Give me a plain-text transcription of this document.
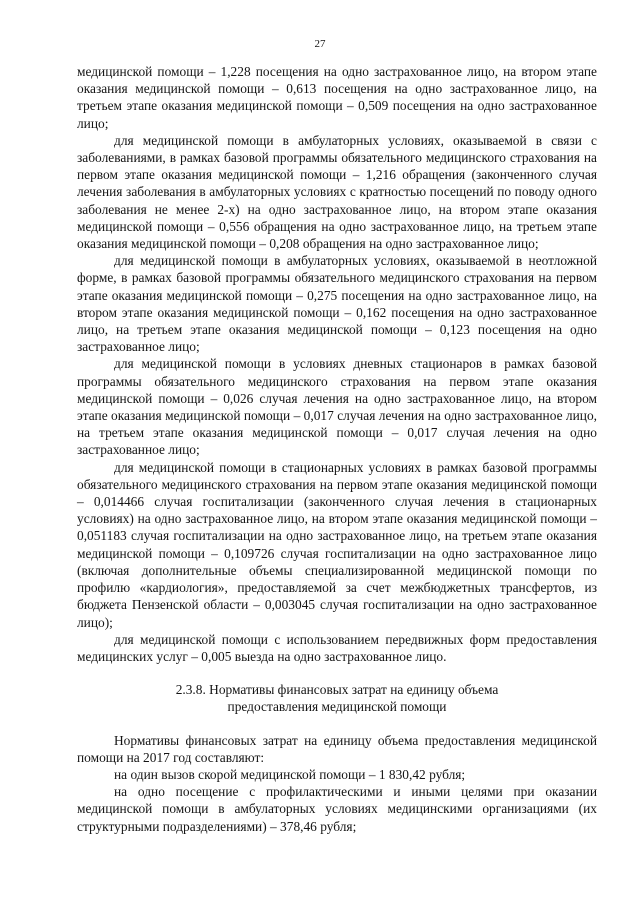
27

медицинской помощи – 1,228 посещения на одно застрахованное лицо, на втором этапе оказания медицинской помощи – 0,613 посещения на одно застрахованное лицо, на третьем этапе оказания медицинской помощи – 0,509 посещения на одно застрахованное лицо;

для медицинской помощи в амбулаторных условиях, оказываемой в связи с заболеваниями, в рамках базовой программы обязательного медицинского страхования на первом этапе оказания медицинской помощи – 1,216 обращения (законченного случая лечения заболевания в амбулаторных условиях с кратностью посещений по поводу одного заболевания не менее 2-х) на одно застрахованное лицо, на втором этапе оказания медицинской помощи – 0,556 обращения на одно застрахованное лицо, на третьем этапе оказания медицинской помощи – 0,208 обращения на одно застрахованное лицо;

для медицинской помощи в амбулаторных условиях, оказываемой в неотложной форме, в рамках базовой программы обязательного медицинского страхования на первом этапе оказания медицинской помощи – 0,275 посещения на одно застрахованное лицо, на втором этапе оказания медицинской помощи – 0,162 посещения на одно застрахованное лицо, на третьем этапе оказания медицинской помощи – 0,123 посещения на одно застрахованное лицо;

для медицинской помощи в условиях дневных стационаров в рамках базовой программы обязательного медицинского страхования на первом этапе оказания медицинской помощи – 0,026 случая лечения на одно застрахованное лицо, на втором этапе оказания медицинской помощи – 0,017 случая лечения на одно застрахованное лицо, на третьем этапе оказания медицинской помощи – 0,017 случая лечения на одно застрахованное лицо;

для медицинской помощи в стационарных условиях в рамках базовой программы обязательного медицинского страхования на первом этапе оказания медицинской помощи – 0,014466 случая госпитализации (законченного случая лечения в стационарных условиях) на одно застрахованное лицо, на втором этапе оказания медицинской помощи – 0,051183 случая госпитализации на одно застрахованное лицо, на третьем этапе оказания медицинской помощи – 0,109726 случая госпитализации на одно застрахованное лицо (включая дополнительные объемы специализированной медицинской помощи по профилю «кардиология», предоставляемой за счет межбюджетных трансфертов, из бюджета Пензенской области – 0,003045 случая госпитализации на одно застрахованное лицо);

для медицинской помощи с использованием передвижных форм предоставления медицинских услуг – 0,005 выезда на одно застрахованное лицо.

2.3.8. Нормативы финансовых затрат на единицу объема
предоставления медицинской помощи

Нормативы финансовых затрат на единицу объема предоставления медицинской помощи на 2017 год составляют:

на один вызов скорой медицинской помощи – 1 830,42 рубля;

на одно посещение с профилактическими и иными целями при оказании медицинской помощи в амбулаторных условиях медицинскими организациями (их структурными подразделениями) – 378,46 рубля;
